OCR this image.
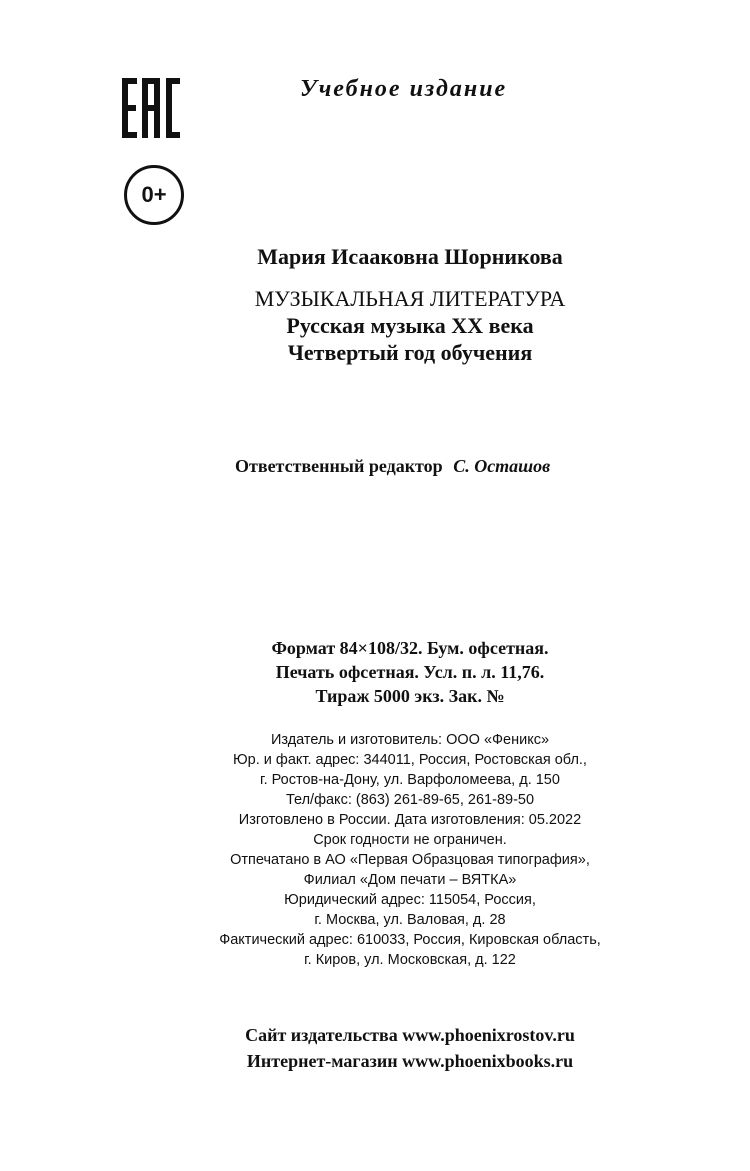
0+
Учебное издание
Мария Исааковна Шорникова
МУЗЫКАЛЬНАЯ ЛИТЕРАТУРА
Русская музыка XX века
Четвертый год обучения
Ответственный редактор С. Осташов
Формат 84×108/32. Бум. офсетная.
Печать офсетная. Усл. п. л. 11,76.
Тираж 5000 экз. Зак. №
Издатель и изготовитель: ООО «Феникс»
Юр. и факт. адрес: 344011, Россия, Ростовская обл.,
г. Ростов-на-Дону, ул. Варфоломеева, д. 150
Тел/факс: (863) 261-89-65, 261-89-50
Изготовлено в России. Дата изготовления: 05.2022
Срок годности не ограничен.
Отпечатано в АО «Первая Образцовая типография»,
Филиал «Дом печати – ВЯТКА»
Юридический адрес: 115054, Россия,
г. Москва, ул. Валовая, д. 28
Фактический адрес: 610033, Россия, Кировская область,
г. Киров, ул. Московская, д. 122
Сайт издательства www.phoenixrostov.ru
Интернет-магазин www.phoenixbooks.ru
